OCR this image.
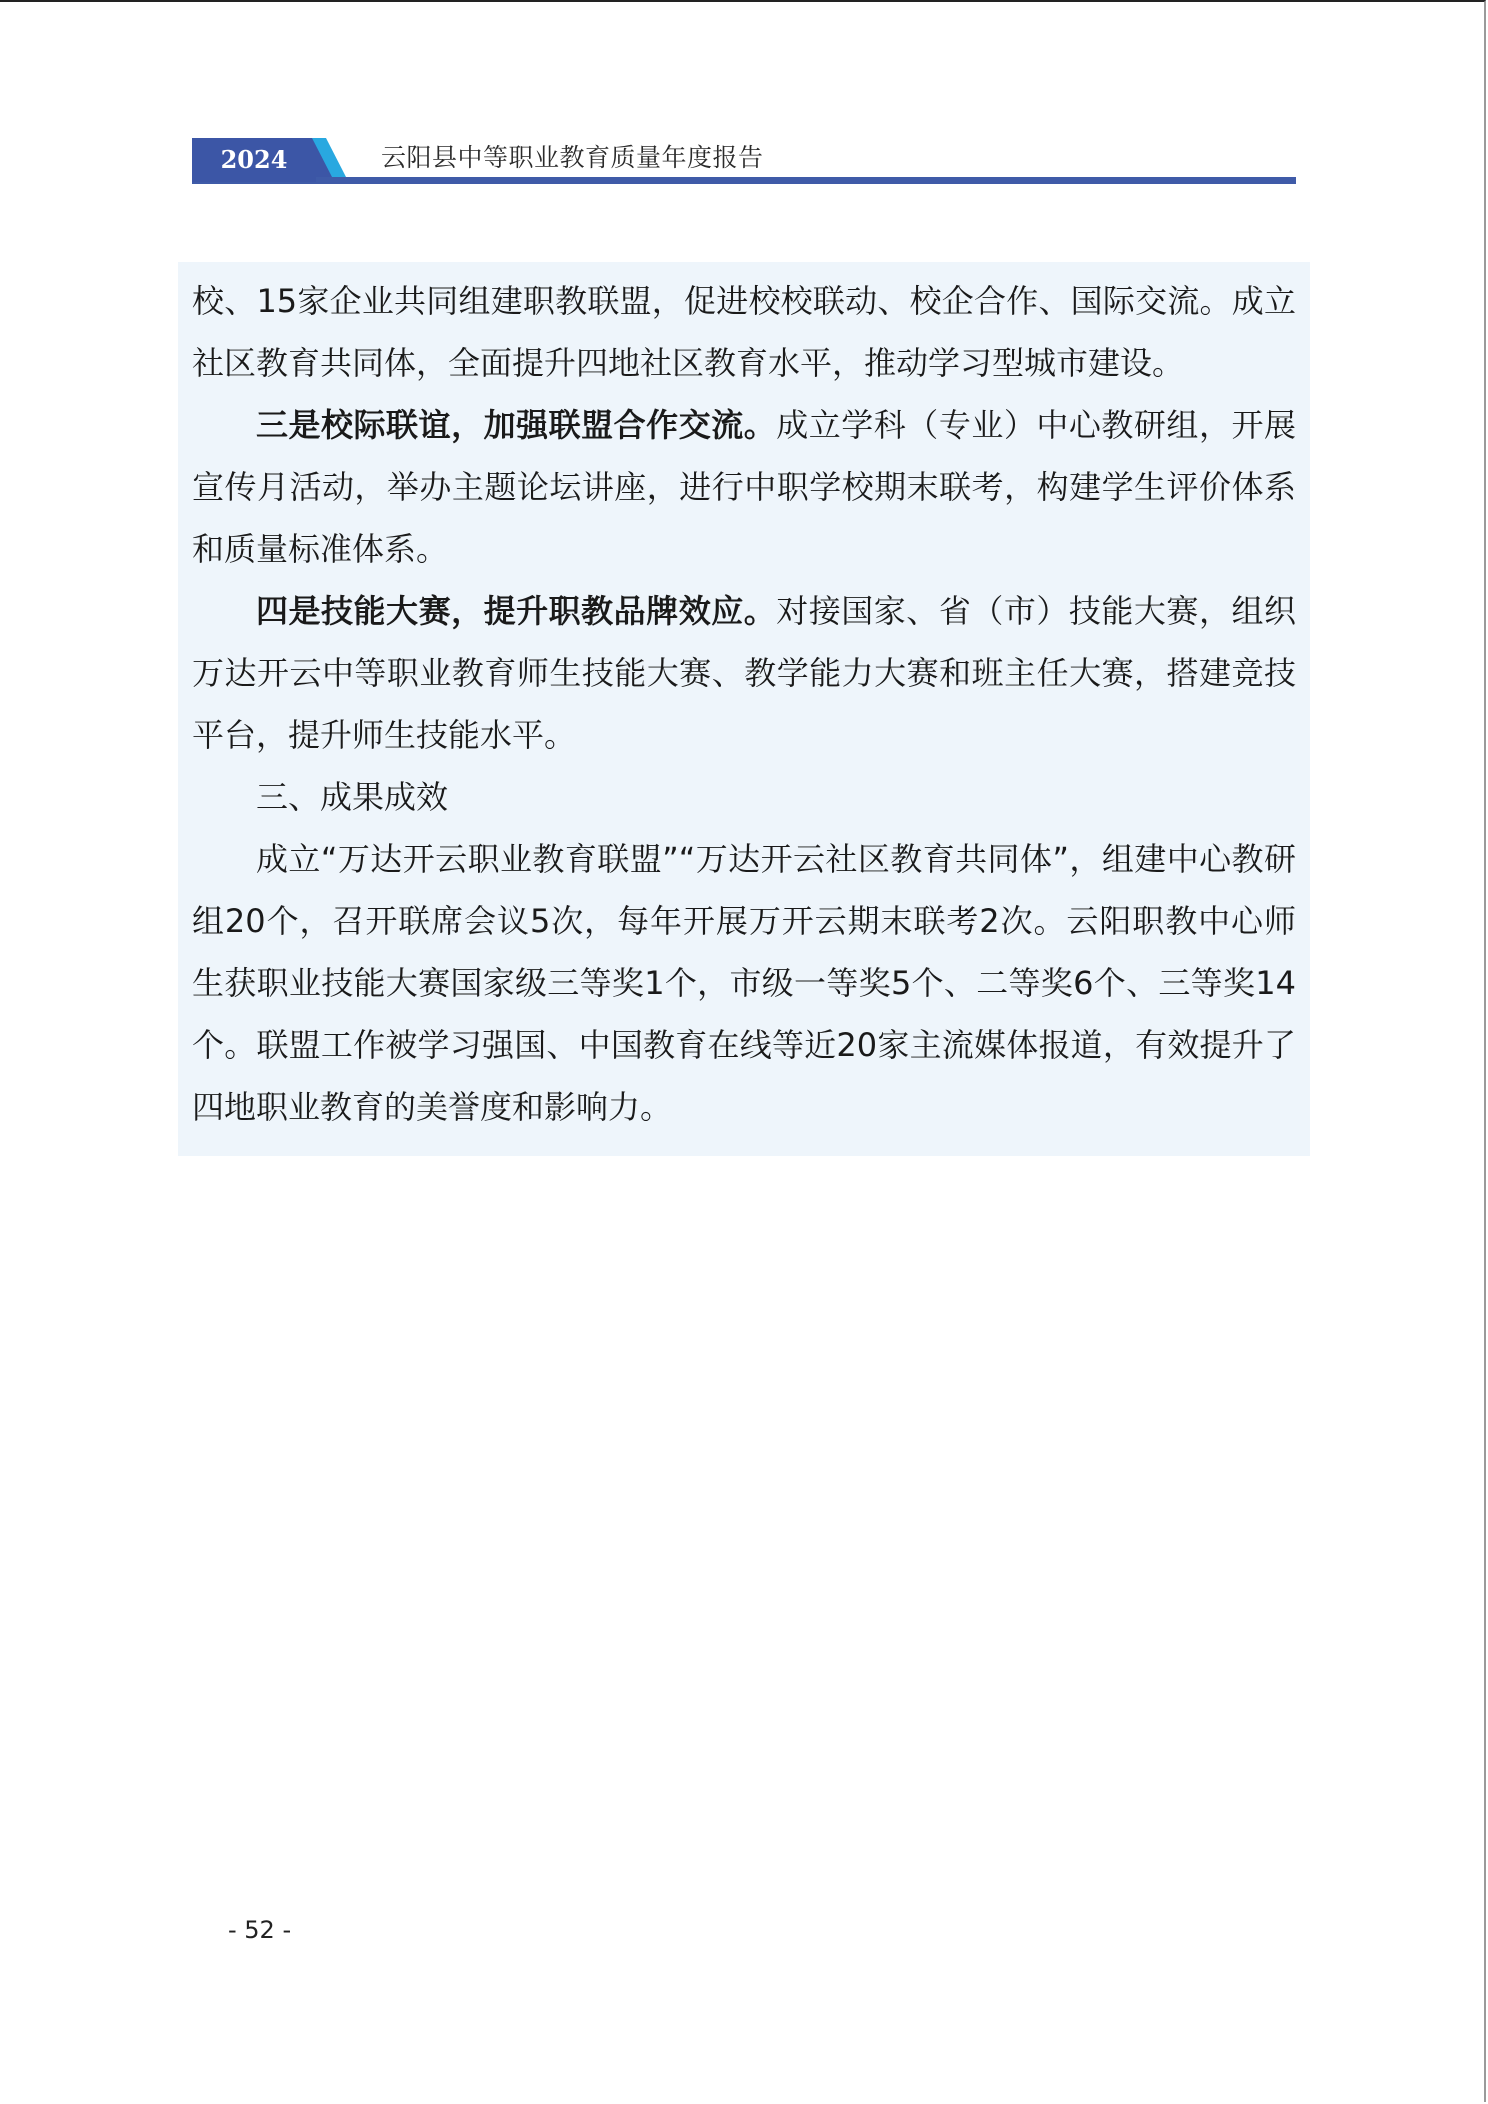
2024	云阳县中等职业教育质量年度报告

校、15家企业共同组建职教联盟，促进校校联动、校企合作、国际交流。成立社区教育共同体，全面提升四地社区教育水平，推动学习型城市建设。

三是校际联谊，加强联盟合作交流。成立学科（专业）中心教研组，开展宣传月活动，举办主题论坛讲座，进行中职学校期末联考，构建学生评价体系和质量标准体系。

四是技能大赛，提升职教品牌效应。对接国家、省（市）技能大赛，组织万达开云中等职业教育师生技能大赛、教学能力大赛和班主任大赛，搭建竞技平台，提升师生技能水平。

三、成果成效

成立“万达开云职业教育联盟”“万达开云社区教育共同体”，组建中心教研组20个，召开联席会议5次，每年开展万开云期末联考2次。云阳职教中心师生获职业技能大赛国家级三等奖1个，市级一等奖5个、二等奖6个、三等奖14个。联盟工作被学习强国、中国教育在线等近20家主流媒体报道，有效提升了四地职业教育的美誉度和影响力。

- 52 -
